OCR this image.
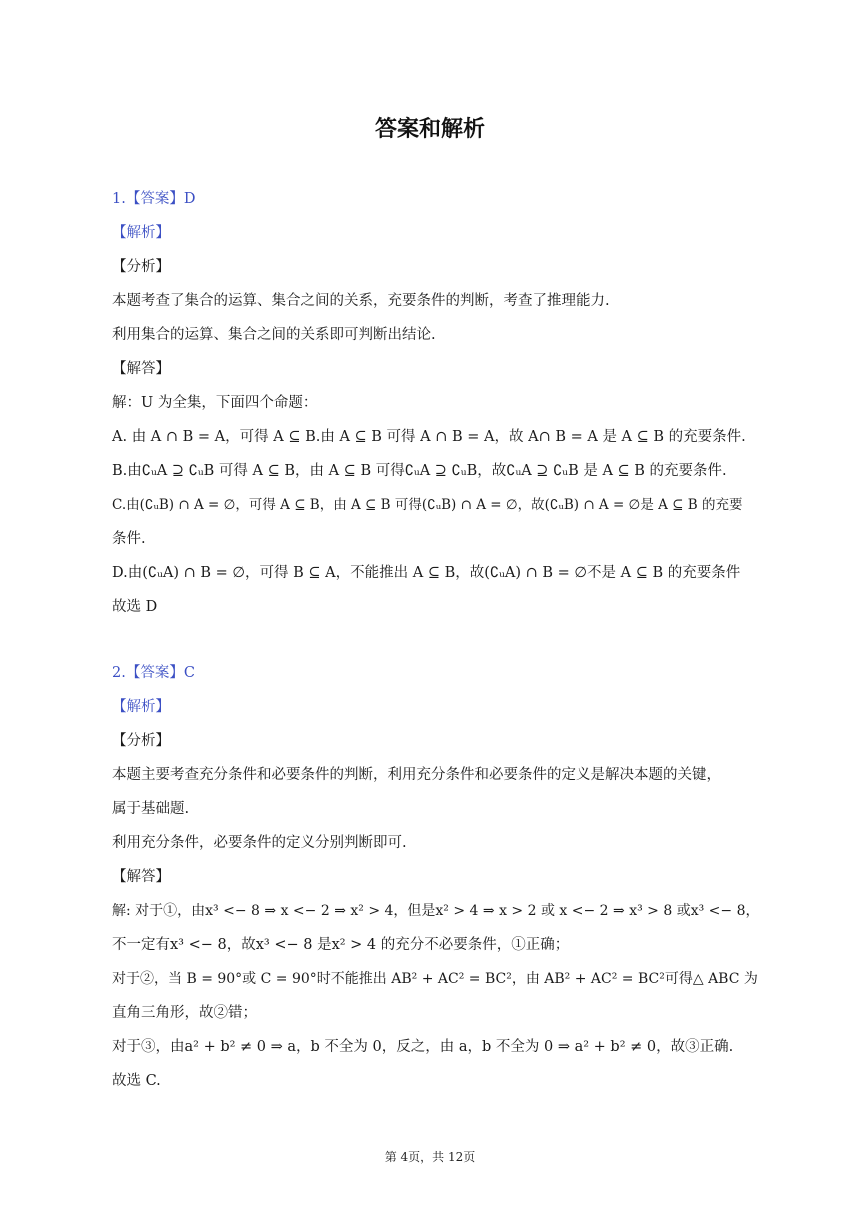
答案和解析
1.【答案】D
【解析】
【分析】
本题考查了集合的运算、集合之间的关系，充要条件的判断，考查了推理能力.
利用集合的运算、集合之间的关系即可判断出结论.
【解答】
解：U 为全集，下面四个命题：
A. 由 A ∩ B = A，可得 A ⊆ B.由 A ⊆ B 可得 A ∩ B = A，故 A∩ B = A 是 A ⊆ B 的充要条件.
B.由∁ᵤA ⊇ ∁ᵤB 可得 A ⊆ B，由 A ⊆ B 可得∁ᵤA ⊇ ∁ᵤB，故∁ᵤA ⊇ ∁ᵤB 是 A ⊆ B 的充要条件.
C.由(∁ᵤB) ∩ A = ∅，可得 A ⊆ B，由 A ⊆ B 可得(∁ᵤB) ∩ A = ∅，故(∁ᵤB) ∩ A = ∅是 A ⊆ B 的充要
条件.
D.由(∁ᵤA) ∩ B = ∅，可得 B ⊆ A，不能推出 A ⊆ B，故(∁ᵤA) ∩ B = ∅不是 A ⊆ B 的充要条件
故选 D
2.【答案】C
【解析】
【分析】
本题主要考查充分条件和必要条件的判断，利用充分条件和必要条件的定义是解决本题的关键，
属于基础题.
利用充分条件，必要条件的定义分别判断即可.
【解答】
解: 对于①，由x³ <− 8 ⇒ x <− 2 ⇒ x² > 4，但是x² > 4 ⇒ x > 2 或 x <− 2 ⇒ x³ > 8 或x³ <− 8，
不一定有x³ <− 8，故x³ <− 8 是x² > 4 的充分不必要条件，①正确；
对于②，当 B = 90°或 C = 90°时不能推出 AB² + AC² = BC²，由 AB² + AC² = BC²可得△ ABC 为
直角三角形，故②错；
对于③，由a² + b² ≠ 0 ⇒ a，b 不全为 0，反之，由 a，b 不全为 0 ⇒ a² + b² ≠ 0，故③正确.
故选 C.
第 4页，共 12页
